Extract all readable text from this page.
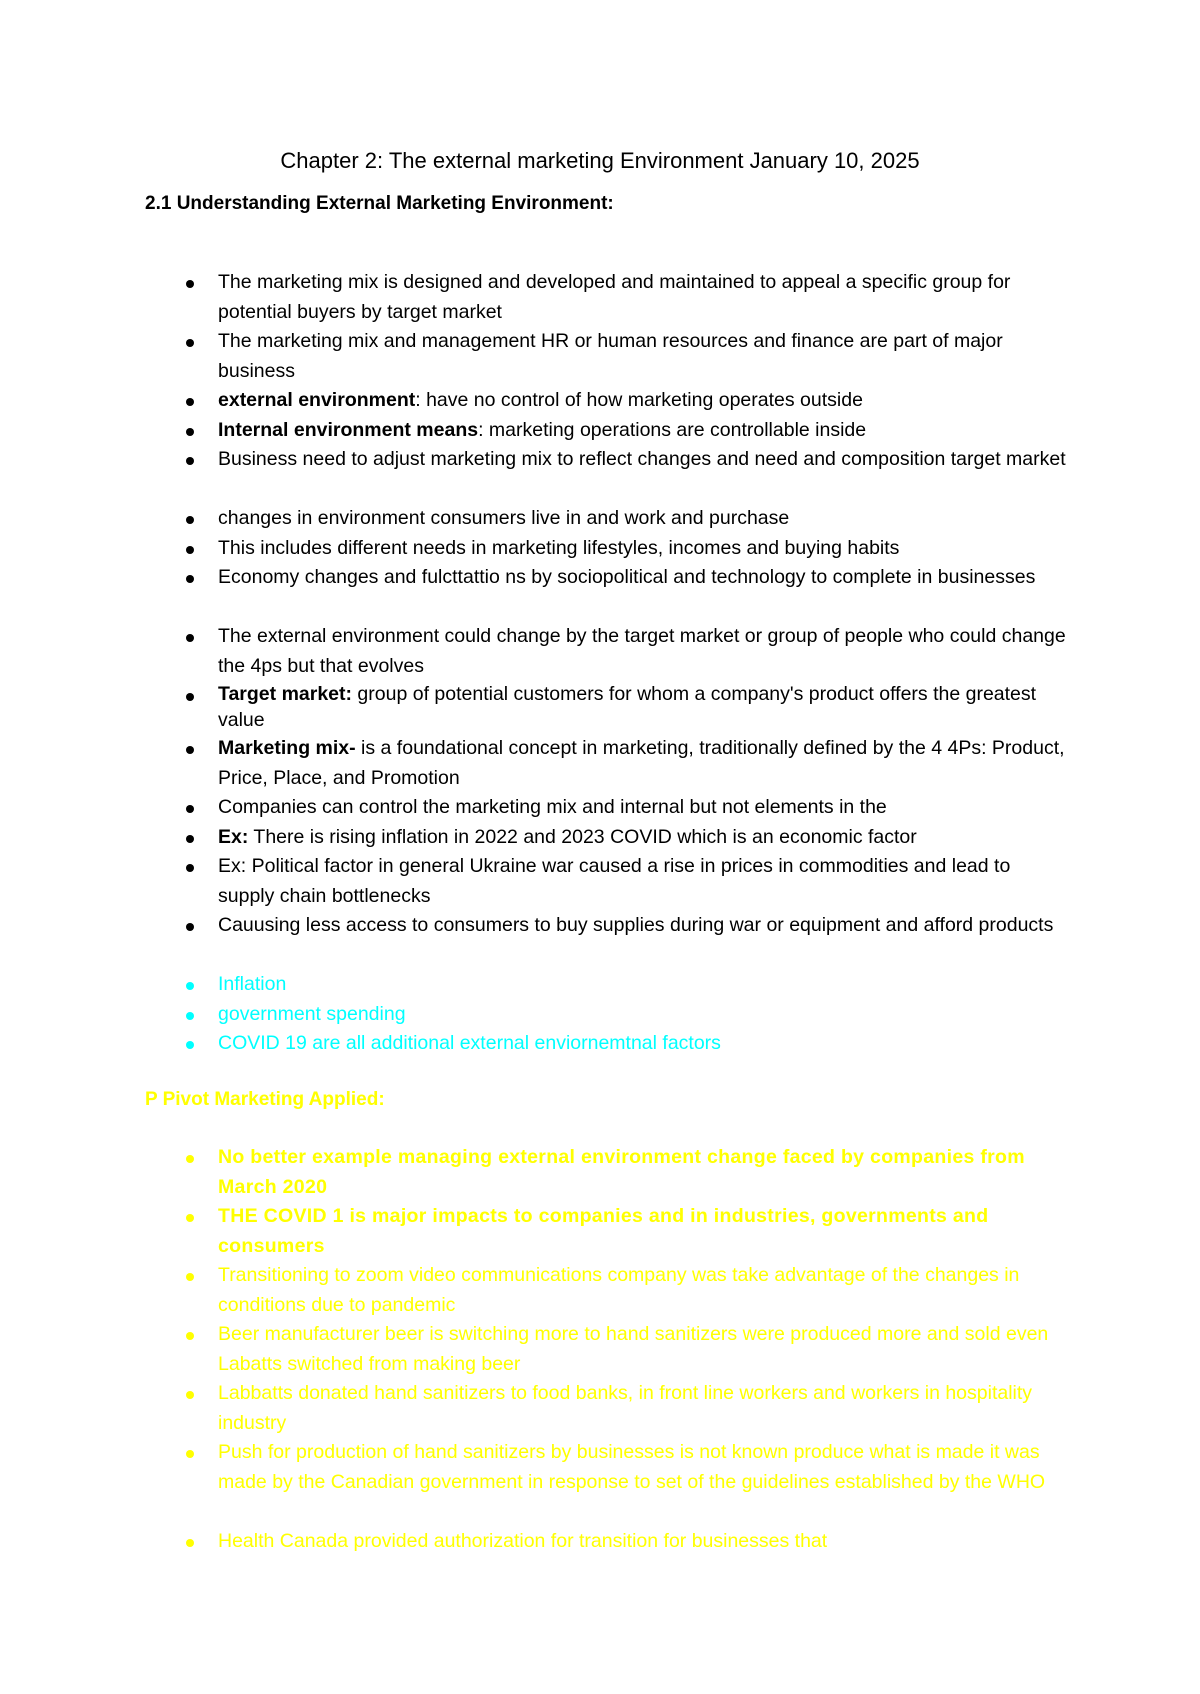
Chapter 2: The external marketing Environment January 10, 2025
2.1 Understanding External Marketing Environment:
The marketing mix is designed and developed and maintained to appeal a specific group for potential buyers by target market
The marketing mix and management HR or human resources and finance are part of major business
external environment: have no control of how marketing operates outside
Internal environment means: marketing operations are controllable inside
Business need to adjust marketing mix to reflect changes and need and composition target market
changes in environment consumers live in and work and purchase
This includes different needs in marketing lifestyles, incomes and buying habits
Economy changes and fulcttattio ns by sociopolitical and technology to complete in businesses
The external environment could change by the target market or group of people who could change the 4ps but that evolves
Target market: group of potential customers for whom a company's product offers the greatest value
Marketing mix- is a foundational concept in marketing, traditionally defined by the 4 4Ps: Product, Price, Place, and Promotion
Companies can control the marketing mix and internal but not elements in the
Ex: There is rising inflation in 2022 and 2023 COVID which is an economic factor
Ex: Political factor in general Ukraine war caused a rise in prices in commodities and lead to supply chain bottlenecks
Cauusing less access to consumers to buy supplies during war or equipment and afford products
Inflation
government spending
COVID 19 are all additional external enviornemtnal factors
P Pivot Marketing Applied:
No better example managing external environment change faced by companies from March 2020
THE COVID 1 is major impacts to companies and in industries, governments and consumers
Transitioning to zoom video communications company was take advantage of the changes in conditions due to pandemic
Beer manufacturer beer is switching more to hand sanitizers were produced more and sold even Labatts switched from making beer
Labbatts donated hand sanitizers to food banks, in front line workers and workers in hospitality industry
Push for production of hand sanitizers by businesses is not known produce what is made it was made by the Canadian government in response to set of the guidelines established by the WHO
Health Canada provided authorization for transition for businesses that
